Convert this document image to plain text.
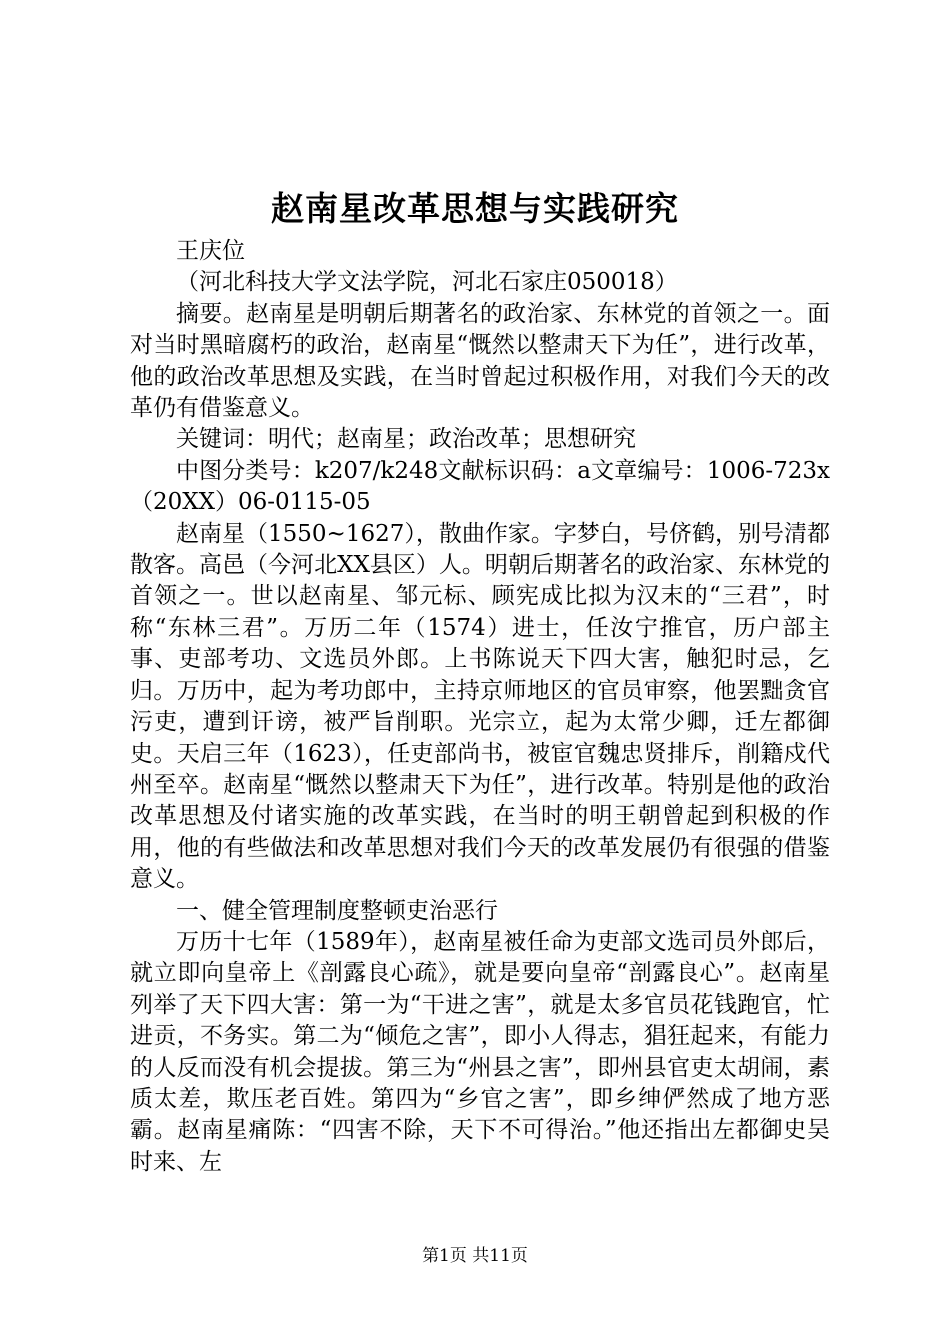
赵南星改革思想与实践研究

王庆位

（河北科技大学文法学院，河北石家庄050018）

摘要。赵南星是明朝后期著名的政治家、东林党的首领之一。面对当时黑暗腐朽的政治，赵南星“慨然以整肃天下为任”，进行改革，他的政治改革思想及实践，在当时曾起过积极作用，对我们今天的改革仍有借鉴意义。

关键词：明代；赵南星；政治改革；思想研究

中图分类号：k207/k248文献标识码：a文章编号：1006-723x（20XX）06-0115-05

赵南星（1550~1627），散曲作家。字梦白，号侪鹤，别号清都散客。高邑（今河北XX县区）人。明朝后期著名的政治家、东林党的首领之一。世以赵南星、邹元标、顾宪成比拟为汉末的“三君”，时称“东林三君”。万历二年（1574）进士，任汝宁推官，历户部主事、吏部考功、文选员外郎。上书陈说天下四大害，触犯时忌，乞归。万历中，起为考功郎中，主持京师地区的官员审察，他罢黜贪官污吏，遭到讦谤，被严旨削职。光宗立，起为太常少卿，迁左都御史。天启三年（1623），任吏部尚书，被宦官魏忠贤排斥，削籍戍代州至卒。赵南星“慨然以整肃天下为任”，进行改革。特别是他的政治改革思想及付诸实施的改革实践，在当时的明王朝曾起到积极的作用，他的有些做法和改革思想对我们今天的改革发展仍有很强的借鉴意义。

一、健全管理制度整顿吏治恶行

万历十七年（1589年），赵南星被任命为吏部文选司员外郎后，就立即向皇帝上《剖露良心疏》，就是要向皇帝“剖露良心”。赵南星列举了天下四大害：第一为“干进之害”，就是太多官员花钱跑官，忙进贡，不务实。第二为“倾危之害”，即小人得志，猖狂起来，有能力的人反而没有机会提拔。第三为“州县之害”，即州县官吏太胡闹，素质太差，欺压老百姓。第四为“乡官之害”，即乡绅俨然成了地方恶霸。赵南星痛陈：“四害不除，天下不可得治。”他还指出左都御史吴时来、左

第1页 共11页
